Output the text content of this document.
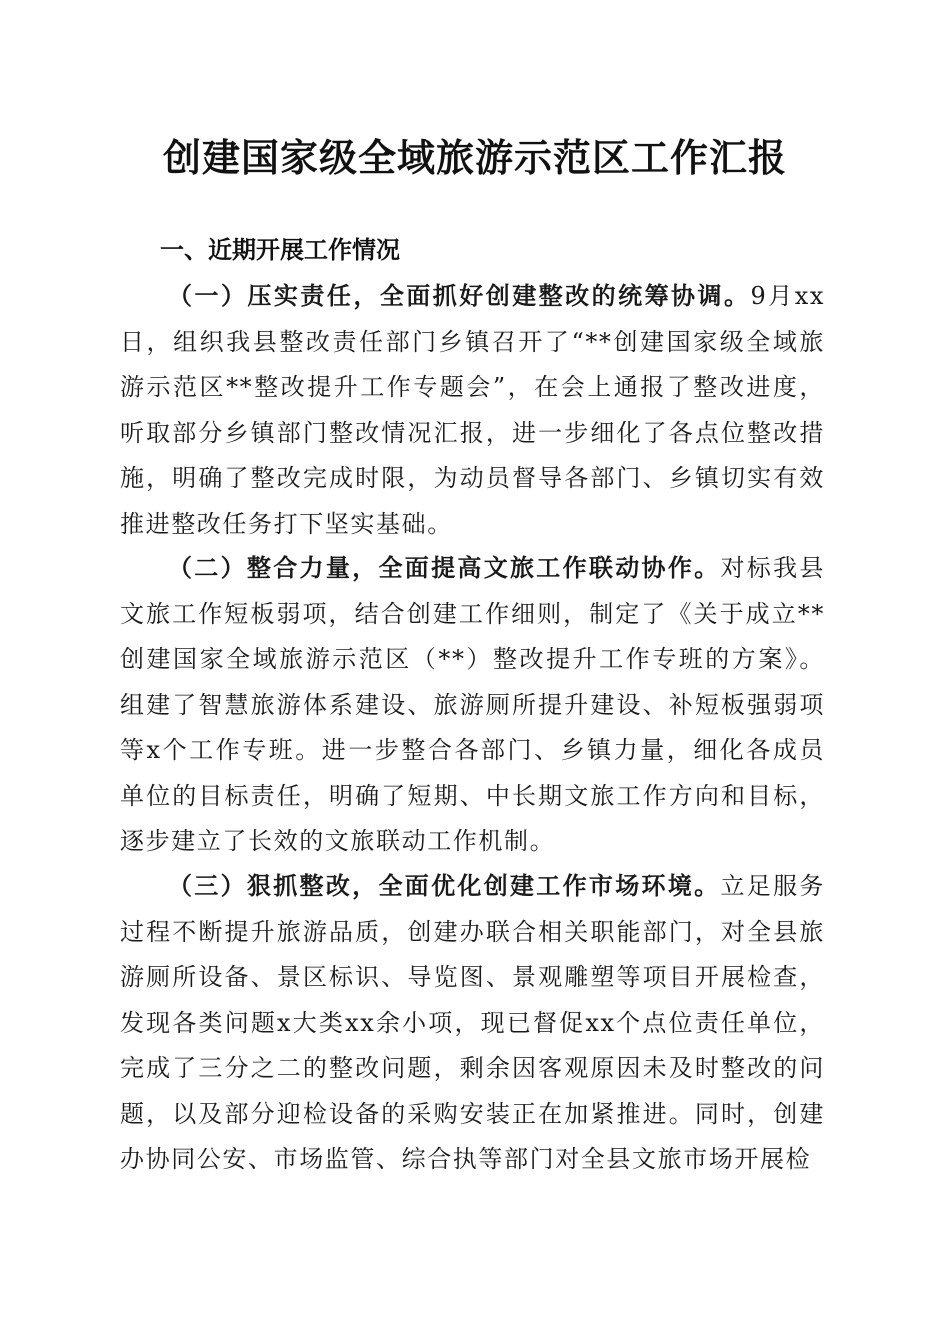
创建国家级全域旅游示范区工作汇报
一、近期开展工作情况

（一）压实责任，全面抓好创建整改的统筹协调。9月xx日，组织我县整改责任部门乡镇召开了“**创建国家级全域旅游示范区**整改提升工作专题会”，在会上通报了整改进度，听取部分乡镇部门整改情况汇报，进一步细化了各点位整改措施，明确了整改完成时限，为动员督导各部门、乡镇切实有效推进整改任务打下坚实基础。

（二）整合力量，全面提高文旅工作联动协作。对标我县文旅工作短板弱项，结合创建工作细则，制定了《关于成立**创建国家全域旅游示范区（**）整改提升工作专班的方案》。组建了智慧旅游体系建设、旅游厕所提升建设、补短板强弱项等x个工作专班。进一步整合各部门、乡镇力量，细化各成员单位的目标责任，明确了短期、中长期文旅工作方向和目标，逐步建立了长效的文旅联动工作机制。

（三）狠抓整改，全面优化创建工作市场环境。立足服务过程不断提升旅游品质，创建办联合相关职能部门，对全县旅游厕所设备、景区标识、导览图、景观雕塑等项目开展检查，发现各类问题x大类xx余小项，现已督促xx个点位责任单位，完成了三分之二的整改问题，剩余因客观原因未及时整改的问题，以及部分迎检设备的采购安装正在加紧推进。同时，创建办协同公安、市场监管、综合执等部门对全县文旅市场开展检
